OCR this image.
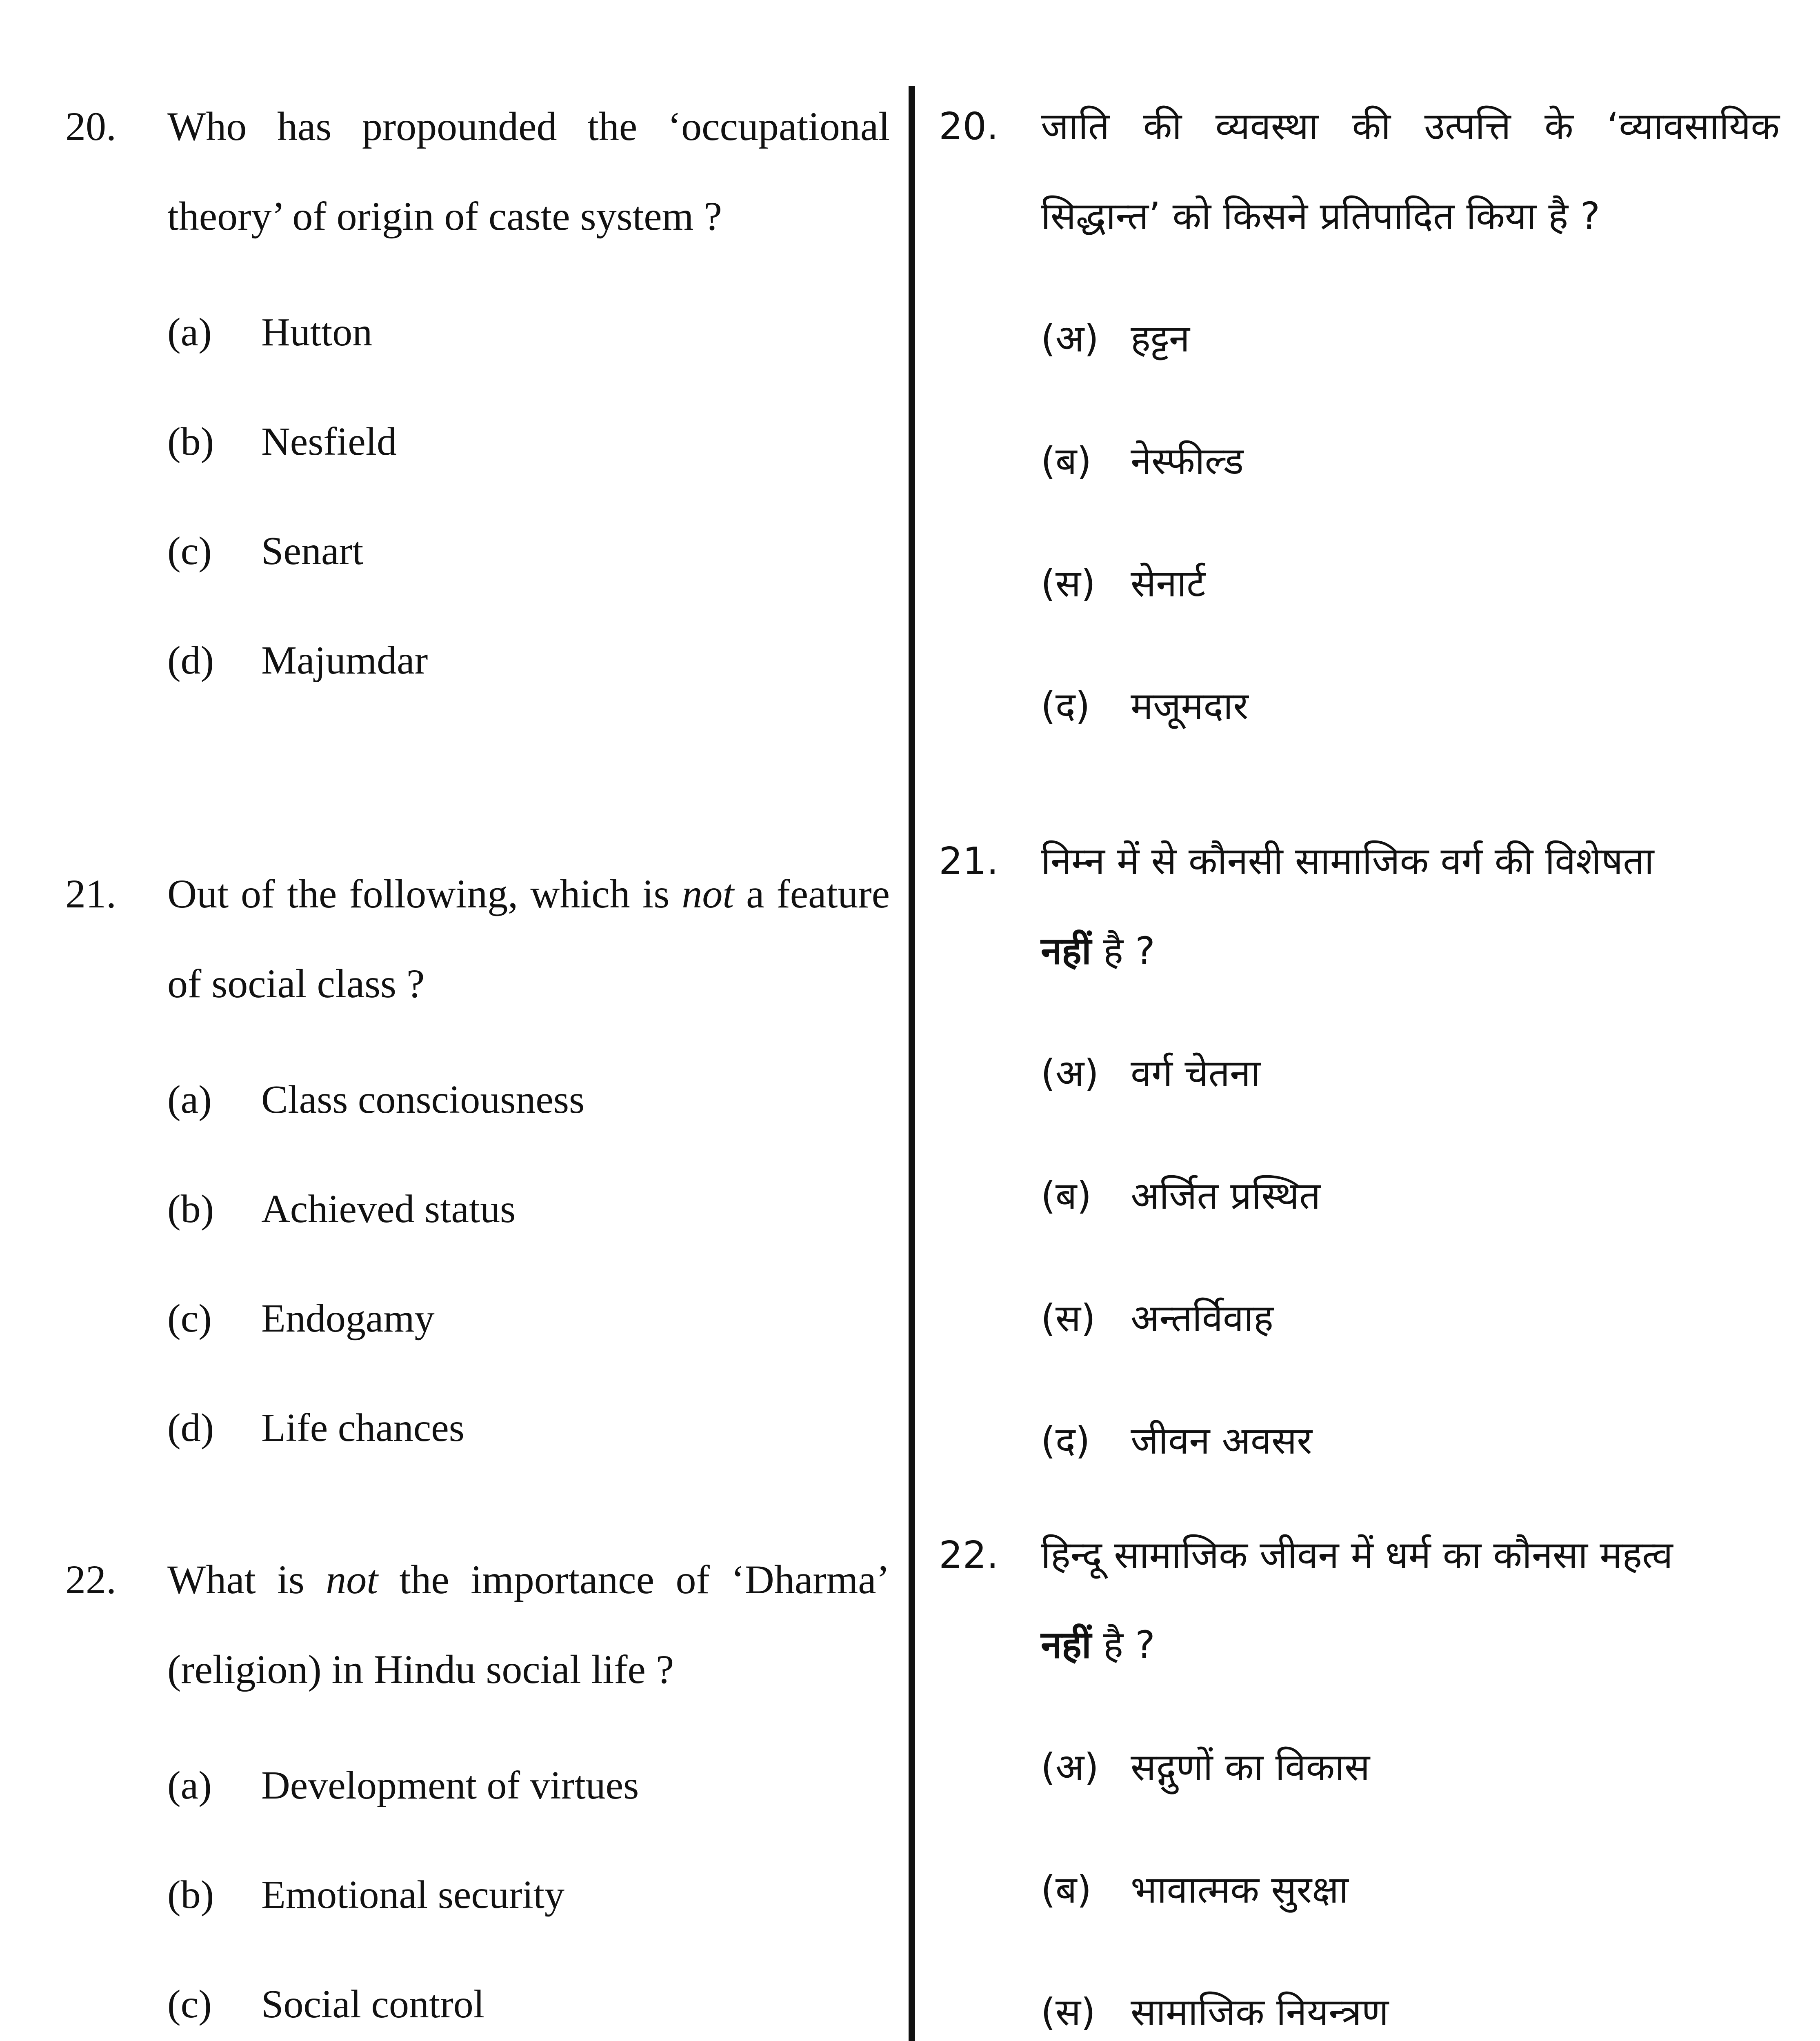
20. Who has propounded the ‘occupational theory’ of origin of caste system ?
(a) Hutton
(b) Nesfield
(c) Senart
(d) Majumdar
21. Out of the following, which is not a feature of social class ?
(a) Class consciousness
(b) Achieved status
(c) Endogamy
(d) Life chances
22. What is not the importance of ‘Dharma’ (religion) in Hindu social life ?
(a) Development of virtues
(b) Emotional security
(c) Social control
20. जाति की व्यवस्था की उत्पत्ति के ‘व्यावसायिक सिद्धान्त’ को किसने प्रतिपादित किया है ?
(अ) हट्टन
(ब) नेस्फील्ड
(स) सेनार्ट
(द) मजूमदार
21. निम्न में से कौनसी सामाजिक वर्ग की विशेषता
नहीं है ?
(अ) वर्ग चेतना
(ब) अर्जित प्रस्थित
(स) अन्तर्विवाह
(द) जीवन अवसर
22. हिन्दू सामाजिक जीवन में धर्म का कौनसा महत्व
नहीं है ?
(अ) सद्गुणों का विकास
(ब) भावात्मक सुरक्षा
(स) सामाजिक नियन्त्रण
